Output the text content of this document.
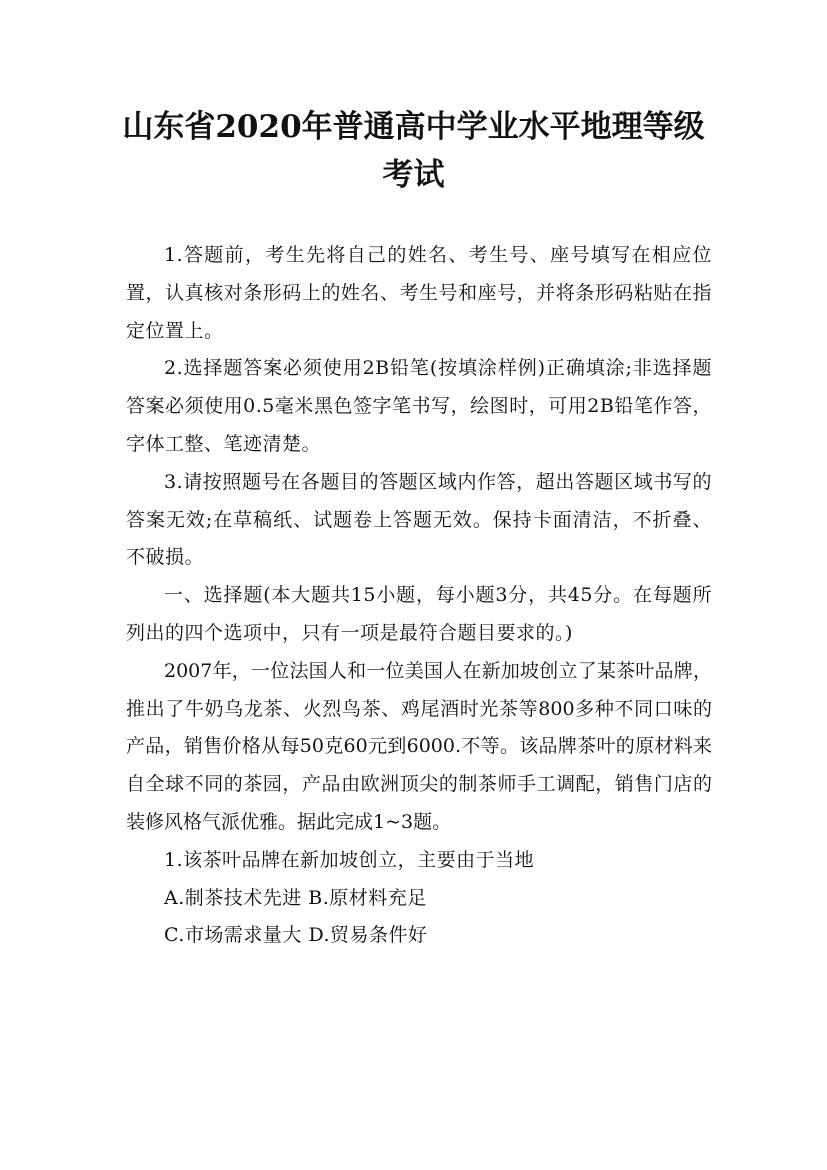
山东省2020年普通高中学业水平地理等级
考试

1.答题前，考生先将自己的姓名、考生号、座号填写在相应位置，认真核对条形码上的姓名、考生号和座号，并将条形码粘贴在指定位置上。

2.选择题答案必须使用2B铅笔(按填涂样例)正确填涂;非选择题答案必须使用0.5毫米黑色签字笔书写，绘图时，可用2B铅笔作答，字体工整、笔迹清楚。

3.请按照题号在各题目的答题区域内作答，超出答题区域书写的答案无效;在草稿纸、试题卷上答题无效。保持卡面清洁，不折叠、不破损。

一、选择题(本大题共15小题，每小题3分，共45分。在每题所列出的四个选项中，只有一项是最符合题目要求的。)

2007年，一位法国人和一位美国人在新加坡创立了某茶叶品牌，推出了牛奶乌龙茶、火烈鸟茶、鸡尾酒时光茶等800多种不同口味的产品，销售价格从每50克60元到6000.不等。该品牌茶叶的原材料来自全球不同的茶园，产品由欧洲顶尖的制茶师手工调配，销售门店的装修风格气派优雅。据此完成1~3题。

1.该茶叶品牌在新加坡创立，主要由于当地

A.制茶技术先进 B.原材料充足

C.市场需求量大 D.贸易条件好
